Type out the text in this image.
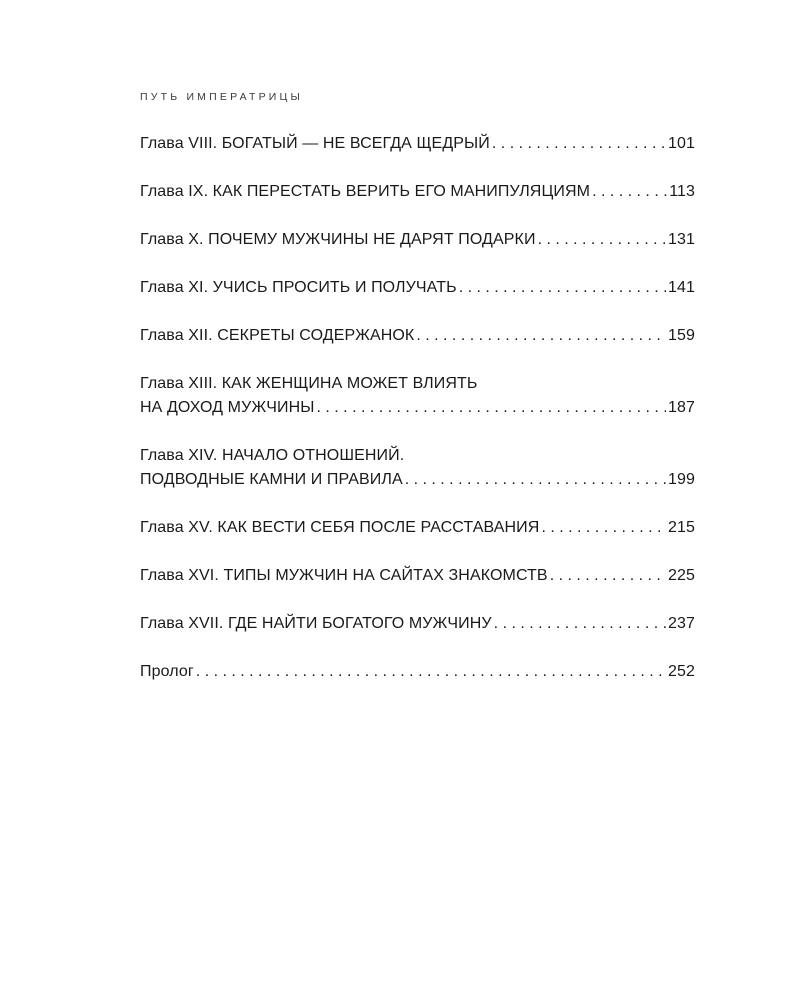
ПУТЬ ИМПЕРАТРИЦЫ
Глава VIII. БОГАТЫЙ — НЕ ВСЕГДА ЩЕДРЫЙ . . .	101
Глава IX. КАК ПЕРЕСТАТЬ ВЕРИТЬ ЕГО МАНИПУЛЯЦИЯМ . . .	113
Глава X. ПОЧЕМУ МУЖЧИНЫ НЕ ДАРЯТ ПОДАРКИ . . .	131
Глава XI. УЧИСЬ ПРОСИТЬ И ПОЛУЧАТЬ . . .	141
Глава XII. СЕКРЕТЫ СОДЕРЖАНОК . . .	159
Глава XIII. КАК ЖЕНЩИНА МОЖЕТ ВЛИЯТЬ
НА ДОХОД МУЖЧИНЫ . . .	187
Глава XIV. НАЧАЛО ОТНОШЕНИЙ.
ПОДВОДНЫЕ КАМНИ И ПРАВИЛА . . .	199
Глава XV. КАК ВЕСТИ СЕБЯ ПОСЛЕ РАССТАВАНИЯ . . .	215
Глава XVI. ТИПЫ МУЖЧИН НА САЙТАХ ЗНАКОМСТВ . . .	225
Глава XVII. ГДЕ НАЙТИ БОГАТОГО МУЖЧИНУ . . .	237
Пролог . . .	252
